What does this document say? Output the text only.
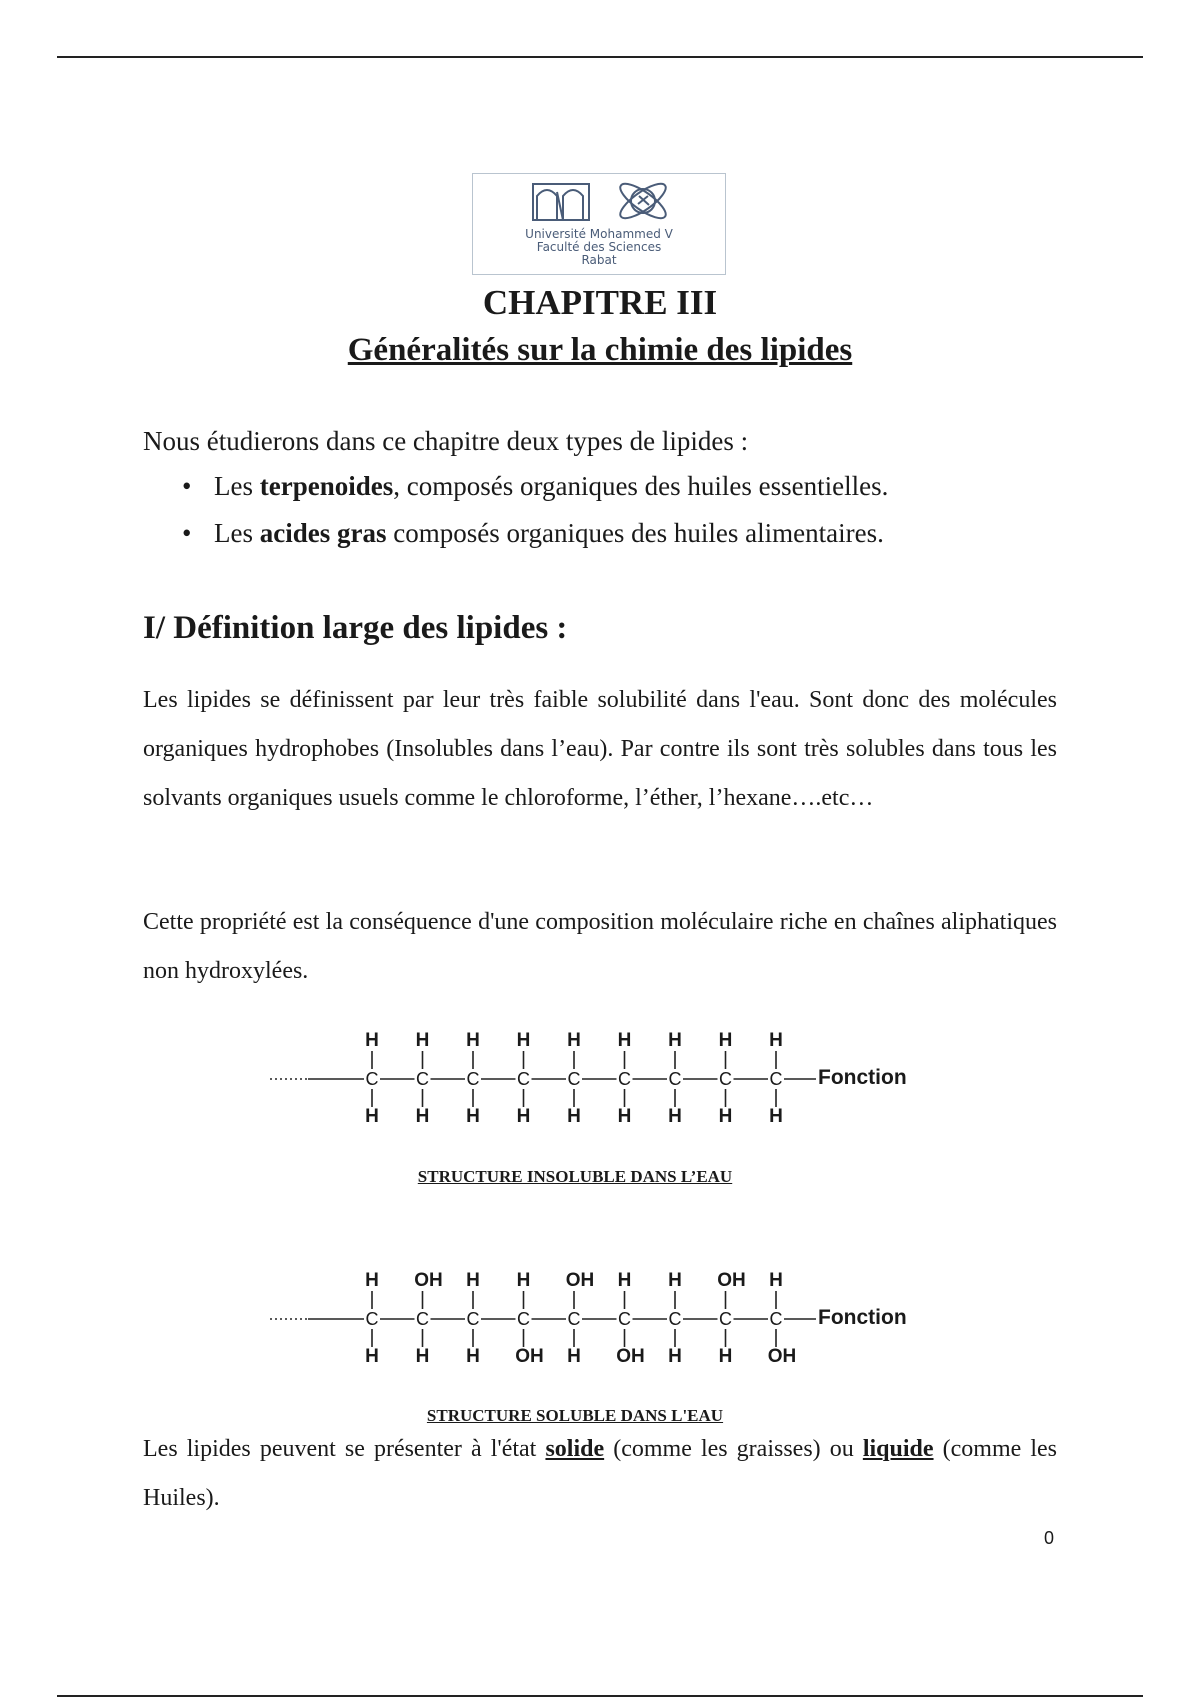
Université Mohammed V
Faculté des Sciences
Rabat
CHAPITRE III
Généralités sur la chimie des lipides
Nous étudierons dans ce chapitre deux types de lipides :
• Les terpenoides, composés organiques des huiles essentielles.
• Les acides gras composés organiques des huiles alimentaires.
I/ Définition large des lipides :
Les lipides se définissent par leur très faible solubilité dans l'eau. Sont donc des molécules organiques hydrophobes (Insolubles dans l’eau). Par contre ils sont très solubles dans tous les solvants organiques usuels comme le chloroforme, l’éther, l’hexane….etc…
Cette propriété est la conséquence d'une composition moléculaire riche en chaînes aliphatiques non hydroxylées.
H
C
H
H
C
H
H
C
H
H
C
H
H
C
H
H
C
H
H
C
H
H
C
H
H
C
H
Fonction
STRUCTURE INSOLUBLE DANS L’EAU
H
C
H
OH
C
H
H
C
H
H
C
OH
OH
C
H
H
C
OH
H
C
H
OH
C
H
H
C
OH
Fonction
STRUCTURE SOLUBLE DANS L'EAU
Les lipides peuvent se présenter à l'état solide (comme les graisses) ou liquide (comme les Huiles).
0
